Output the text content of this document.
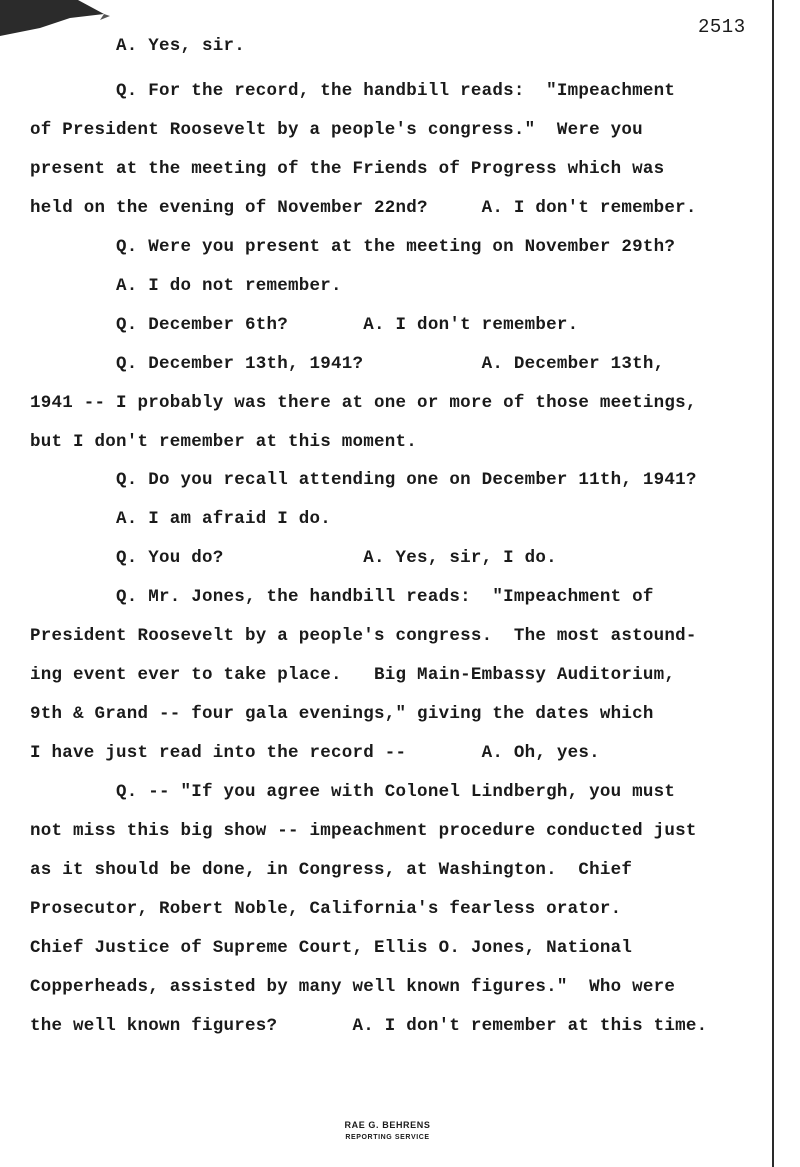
2513
A. Yes, sir.
Q. For the record, the handbill reads:  "Impeachment
of President Roosevelt by a people's congress."  Were you
present at the meeting of the Friends of Progress which was
held on the evening of November 22nd?     A. I don't remember.
Q. Were you present at the meeting on November 29th?
A. I do not remember.
Q. December 6th?       A. I don't remember.
Q. December 13th, 1941?           A. December 13th,
1941 -- I probably was there at one or more of those meetings,
but I don't remember at this moment.
Q. Do you recall attending one on December 11th, 1941?
A. I am afraid I do.
Q. You do?             A. Yes, sir, I do.
Q. Mr. Jones, the handbill reads:  "Impeachment of
President Roosevelt by a people's congress.  The most astound-
ing event ever to take place.   Big Main-Embassy Auditorium,
9th & Grand -- four gala evenings," giving the dates which
I have just read into the record --       A. Oh, yes.
Q. -- "If you agree with Colonel Lindbergh, you must
not miss this big show -- impeachment procedure conducted just
as it should be done, in Congress, at Washington.  Chief
Prosecutor, Robert Noble, California's fearless orator.
Chief Justice of Supreme Court, Ellis O. Jones, National
Copperheads, assisted by many well known figures."  Who were
the well known figures?       A. I don't remember at this time.
RAE G. BEHRENS
REPORTING SERVICE
